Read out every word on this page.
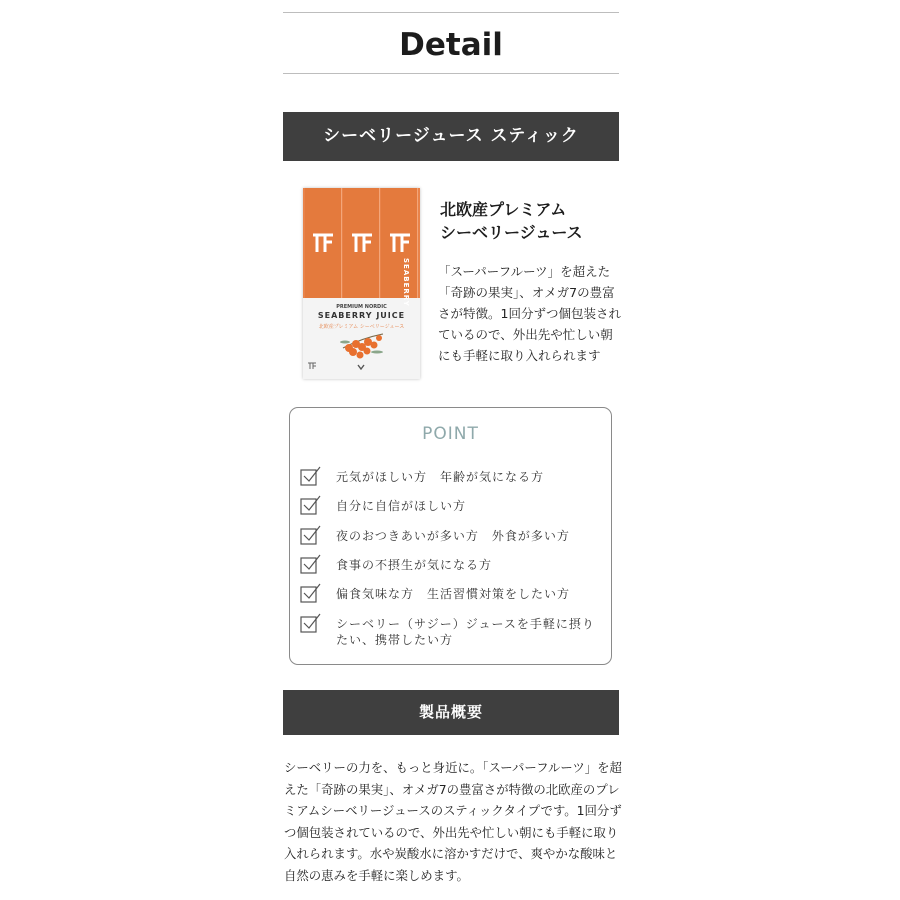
Detail
シーベリージュース スティック
SEABERRY
PREMIUM NORDIC
SEABERRY JUICE
北欧産プレミアム シーベリージュース
北欧産プレミアム
シーベリージュース
「スーパーフルーツ」を超えた「奇跡の果実」、オメガ7の豊富さが特徴。1回分ずつ個包装されているので、外出先や忙しい朝にも手軽に取り入れられます
POINT
元気がほしい方　年齢が気になる方
自分に自信がほしい方
夜のおつきあいが多い方　外食が多い方
食事の不摂生が気になる方
偏食気味な方　生活習慣対策をしたい方
シーベリー（サジー）ジュースを手軽に摂りたい、携帯したい方
製品概要
シーベリーの力を、もっと身近に。「スーパーフルーツ」を超えた「奇跡の果実」、オメガ7の豊富さが特徴の北欧産のプレミアムシーベリージュースのスティックタイプです。1回分ずつ個包装されているので、外出先や忙しい朝にも手軽に取り入れられます。水や炭酸水に溶かすだけで、爽やかな酸味と自然の恵みを手軽に楽しめます。
